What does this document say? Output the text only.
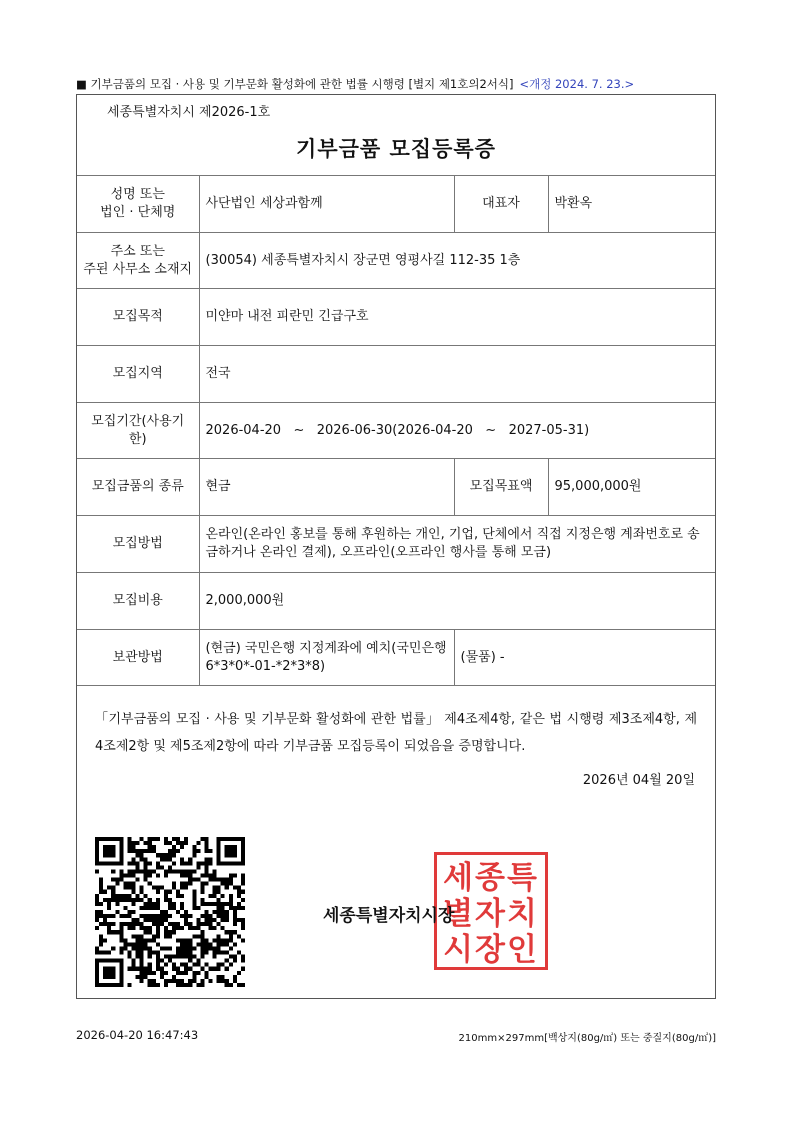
■ 기부금품의 모집 · 사용 및 기부문화 활성화에 관한 법률 시행령 [별지 제1호의2서식] <개정 2024. 7. 23.>
세종특별자치시 제2026-1호
기부금품 모집등록증
성명 또는
법인 · 단체명	사단법인 세상과함께	대표자	박환옥
주소 또는
주된 사무소 소재지	(30054) 세종특별자치시 장군면 영평사길 112-35 1층		
모집목적	미얀마 내전 피란민 긴급구호		
모집지역	전국		
모집기간(사용기한)	2026-04-20   ~   2026-06-30(2026-04-20   ~   2027-05-31)		
모집금품의 종류	현금	모집목표액	95,000,000원
모집방법	온라인(온라인 홍보를 통해 후원하는 개인, 기업, 단체에서 직접 지정은행 계좌번호로 송금하거나 온라인 결제), 오프라인(오프라인 행사를 통해 모금)		
모집비용	2,000,000원		
보관방법	(현금) 국민은행 지정계좌에 예치(국민은행 6*3*0*-01-*2*3*8)	(물품) -	
「기부금품의 모집 · 사용 및 기부문화 활성화에 관한 법률」 제4조제4항, 같은 법 시행령 제3조제4항, 제4조제2항 및 제5조제2항에 따라 기부금품 모집등록이 되었음을 증명합니다.
2026년 04월 20일
세종특
별자치
시장인
세종특별자치시장
2026-04-20 16:47:43	210mm×297mm[백상지(80g/㎡) 또는 중질지(80g/㎡)]
